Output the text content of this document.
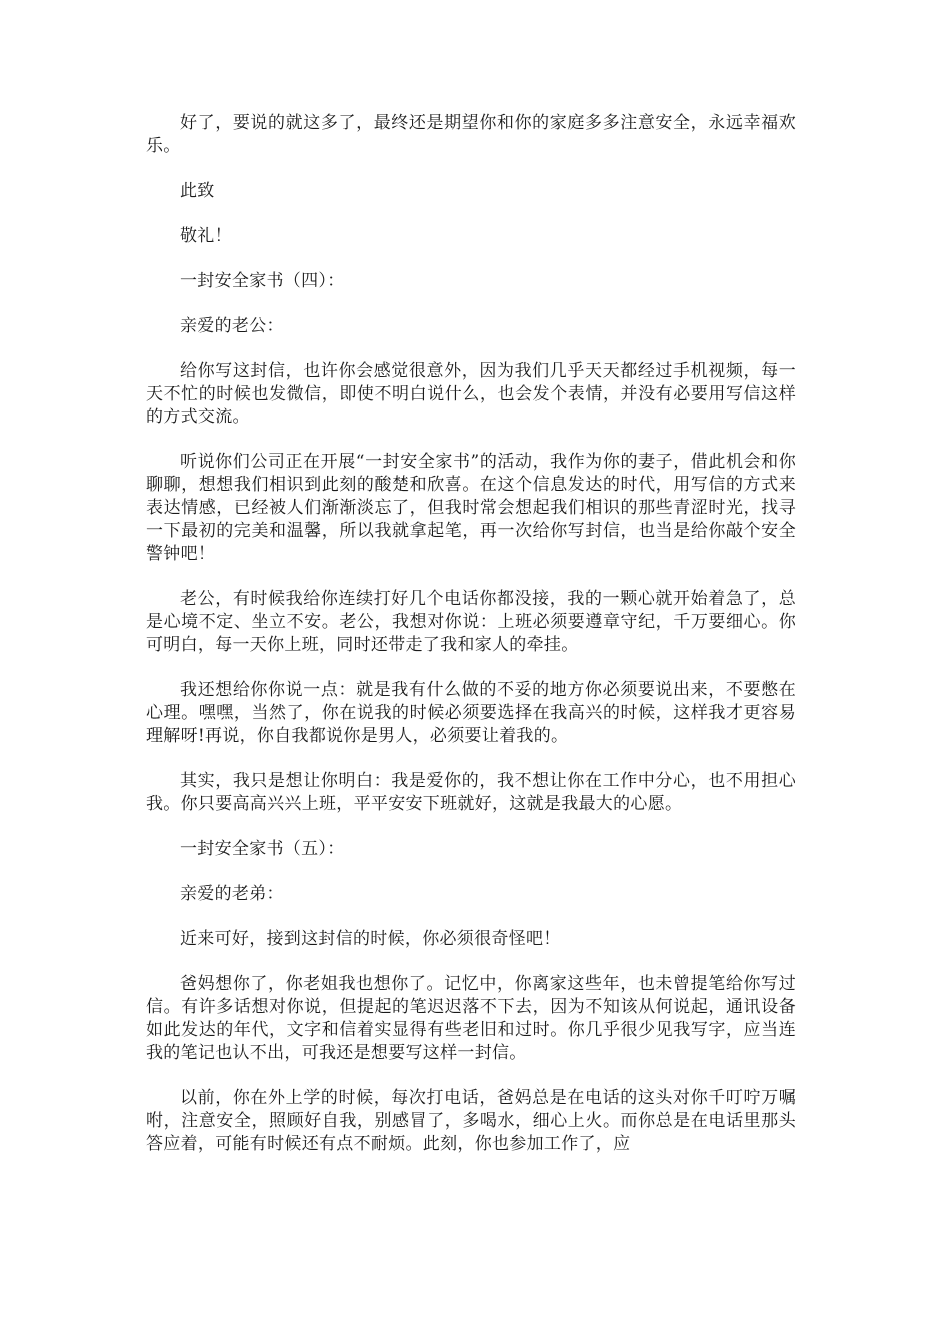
好了，要说的就这多了，最终还是期望你和你的家庭多多注意安全，永远幸福欢乐。

此致

敬礼！

一封安全家书（四）：

亲爱的老公：

给你写这封信，也许你会感觉很意外，因为我们几乎天天都经过手机视频，每一天不忙的时候也发微信，即使不明白说什么，也会发个表情，并没有必要用写信这样的方式交流。

听说你们公司正在开展“一封安全家书”的活动，我作为你的妻子，借此机会和你聊聊，想想我们相识到此刻的酸楚和欣喜。在这个信息发达的时代，用写信的方式来表达情感，已经被人们渐渐淡忘了，但我时常会想起我们相识的那些青涩时光，找寻一下最初的完美和温馨，所以我就拿起笔，再一次给你写封信，也当是给你敲个安全警钟吧！

老公，有时候我给你连续打好几个电话你都没接，我的一颗心就开始着急了，总是心境不定、坐立不安。老公，我想对你说：上班必须要遵章守纪，千万要细心。你可明白，每一天你上班，同时还带走了我和家人的牵挂。

我还想给你你说一点：就是我有什么做的不妥的地方你必须要说出来，不要憋在心理。嘿嘿，当然了，你在说我的时候必须要选择在我高兴的时候，这样我才更容易理解呀!再说，你自我都说你是男人，必须要让着我的。

其实，我只是想让你明白：我是爱你的，我不想让你在工作中分心，也不用担心我。你只要高高兴兴上班，平平安安下班就好，这就是我最大的心愿。

一封安全家书（五）：

亲爱的老弟：

近来可好，接到这封信的时候，你必须很奇怪吧！

爸妈想你了，你老姐我也想你了。记忆中，你离家这些年，也未曾提笔给你写过信。有许多话想对你说，但提起的笔迟迟落不下去，因为不知该从何说起，通讯设备如此发达的年代，文字和信着实显得有些老旧和过时。你几乎很少见我写字，应当连我的笔记也认不出，可我还是想要写这样一封信。

以前，你在外上学的时候，每次打电话，爸妈总是在电话的这头对你千叮咛万嘱咐，注意安全，照顾好自我，别感冒了，多喝水，细心上火。而你总是在电话里那头答应着，可能有时候还有点不耐烦。此刻，你也参加工作了，应
